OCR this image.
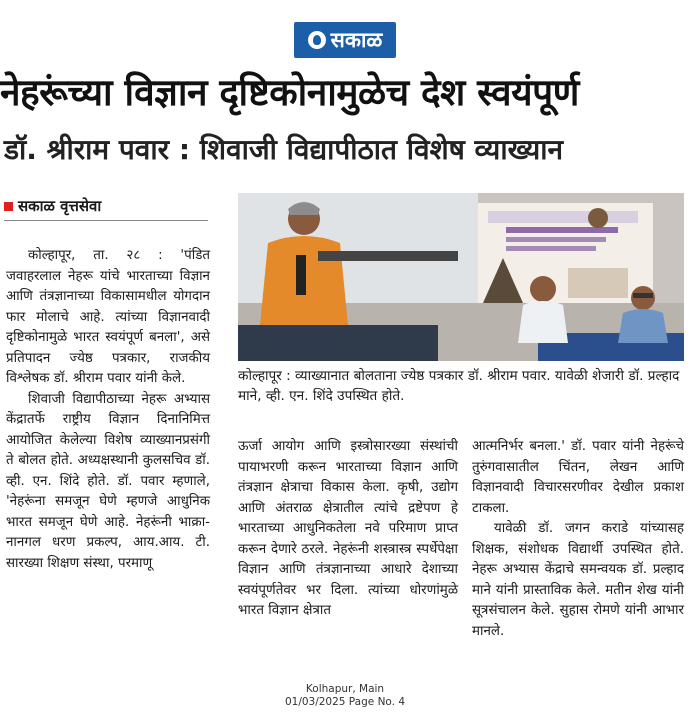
सकाळ
नेहरूंच्या विज्ञान दृष्टिकोनामुळेच देश स्वयंपूर्ण
डॉ. श्रीराम पवार : शिवाजी विद्यापीठात विशेष व्याख्यान
सकाळ वृत्तसेवा

कोल्हापूर, ता. २८ : 'पंडित जवाहरलाल नेहरू यांचे भारताच्या विज्ञान आणि तंत्रज्ञानाच्या विकासामधील योगदान फार मोलाचे आहे. त्यांच्या विज्ञानवादी दृष्टिकोनामुळे भारत स्वयंपूर्ण बनला', असे प्रतिपादन ज्येष्ठ पत्रकार, राजकीय विश्लेषक डॉ. श्रीराम पवार यांनी केले.

शिवाजी विद्यापीठाच्या नेहरू अभ्यास केंद्रातर्फे राष्ट्रीय विज्ञान दिनानिमित्त आयोजित केलेल्या विशेष व्याख्यानप्रसंगी ते बोलत होते. अध्यक्षस्थानी कुलसचिव डॉ. व्ही. एन. शिंदे होते. डॉ. पवार म्हणाले, 'नेहरूंना समजून घेणे म्हणजे आधुनिक भारत समजून घेणे आहे. नेहरूंनी भाक्रा-नानगल धरण प्रकल्प, आय.आय. टी. सारख्या शिक्षण संस्था, परमाणू

कोल्हापूर : व्याख्यानात बोलताना ज्येष्ठ पत्रकार डॉ. श्रीराम पवार. यावेळी शेजारी डॉ. प्रल्हाद माने, व्ही. एन. शिंदे उपस्थित होते.

ऊर्जा आयोग आणि इस्त्रोसारख्या संस्थांची पायाभरणी करून भारताच्या विज्ञान आणि तंत्रज्ञान क्षेत्राचा विकास केला. कृषी, उद्योग आणि अंतराळ क्षेत्रातील त्यांचे द्रष्टेपण हे भारताच्या आधुनिकतेला नवे परिमाण प्राप्त करून देणारे ठरले. नेहरूंनी शस्त्रास्त्र स्पर्धेपेक्षा विज्ञान आणि तंत्रज्ञानाच्या आधारे देशाच्या स्वयंपूर्णतेवर भर दिला. त्यांच्या धोरणांमुळे भारत विज्ञान क्षेत्रात

आत्मनिर्भर बनला.' डॉ. पवार यांनी नेहरूंचे तुरुंगवासातील चिंतन, लेखन आणि विज्ञानवादी विचारसरणीवर देखील प्रकाश टाकला.

यावेळी डॉ. जगन कराडे यांच्यासह शिक्षक, संशोधक विद्यार्थी उपस्थित होते. नेहरू अभ्यास केंद्राचे समन्वयक डॉ. प्रल्हाद माने यांनी प्रास्ताविक केले. मतीन शेख यांनी सूत्रसंचालन केले. सुहास रोमणे यांनी आभार मानले.

Kolhapur, Main
01/03/2025 Page No. 4
